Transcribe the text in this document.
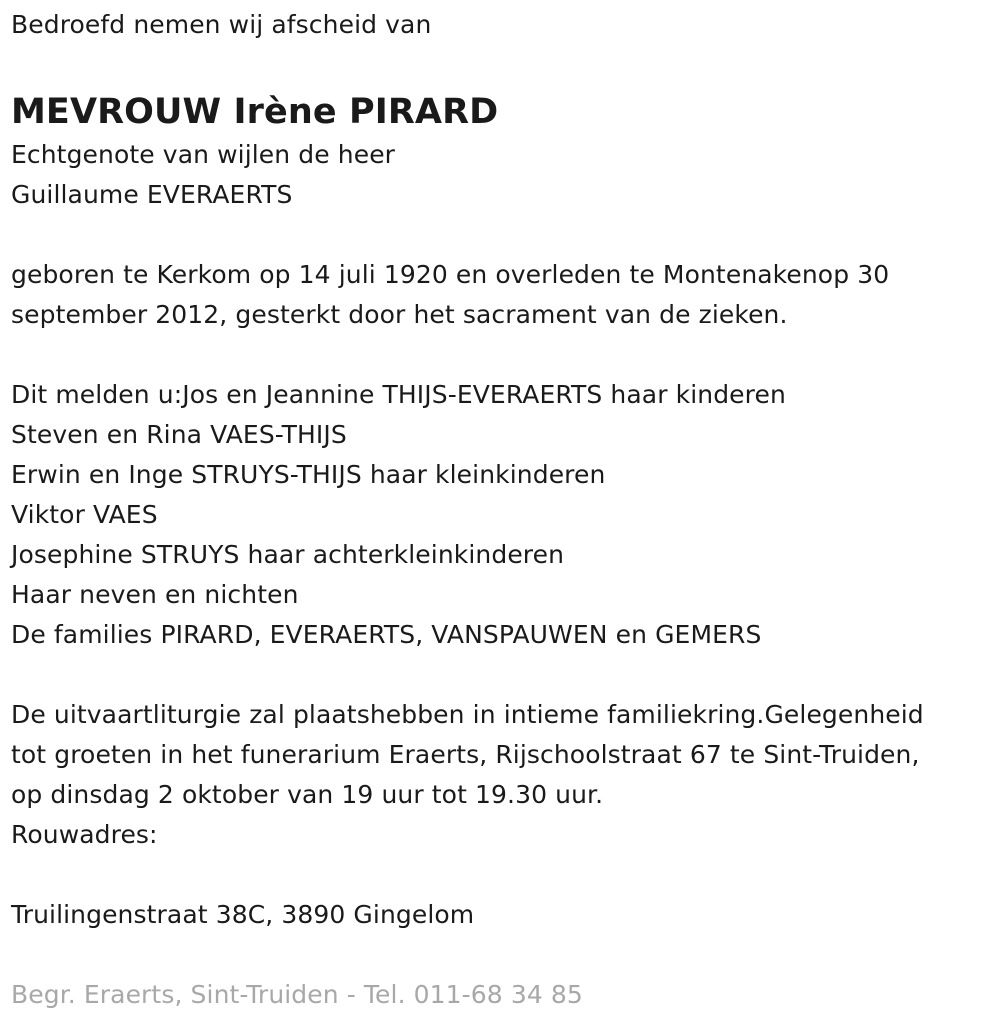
Bedroefd nemen wij afscheid van
MEVROUW Irène PIRARD
Echtgenote van wijlen de heer
Guillaume EVERAERTS
geboren te Kerkom op 14 juli 1920 en overleden te Montenakenop 30
september 2012, gesterkt door het sacrament van de zieken.
Dit melden u:Jos en Jeannine THIJS-EVERAERTS haar kinderen
Steven en Rina VAES-THIJS
Erwin en Inge STRUYS-THIJS haar kleinkinderen
Viktor VAES
Josephine STRUYS haar achterkleinkinderen
Haar neven en nichten
De families PIRARD, EVERAERTS, VANSPAUWEN en GEMERS
De uitvaartliturgie zal plaatshebben in intieme familiekring.Gelegenheid
tot groeten in het funerarium Eraerts, Rijschoolstraat 67 te Sint-Truiden,
op dinsdag 2 oktober van 19 uur tot 19.30 uur.
Rouwadres:
Truilingenstraat 38C, 3890 Gingelom
Begr. Eraerts, Sint-Truiden - Tel. 011-68 34 85
